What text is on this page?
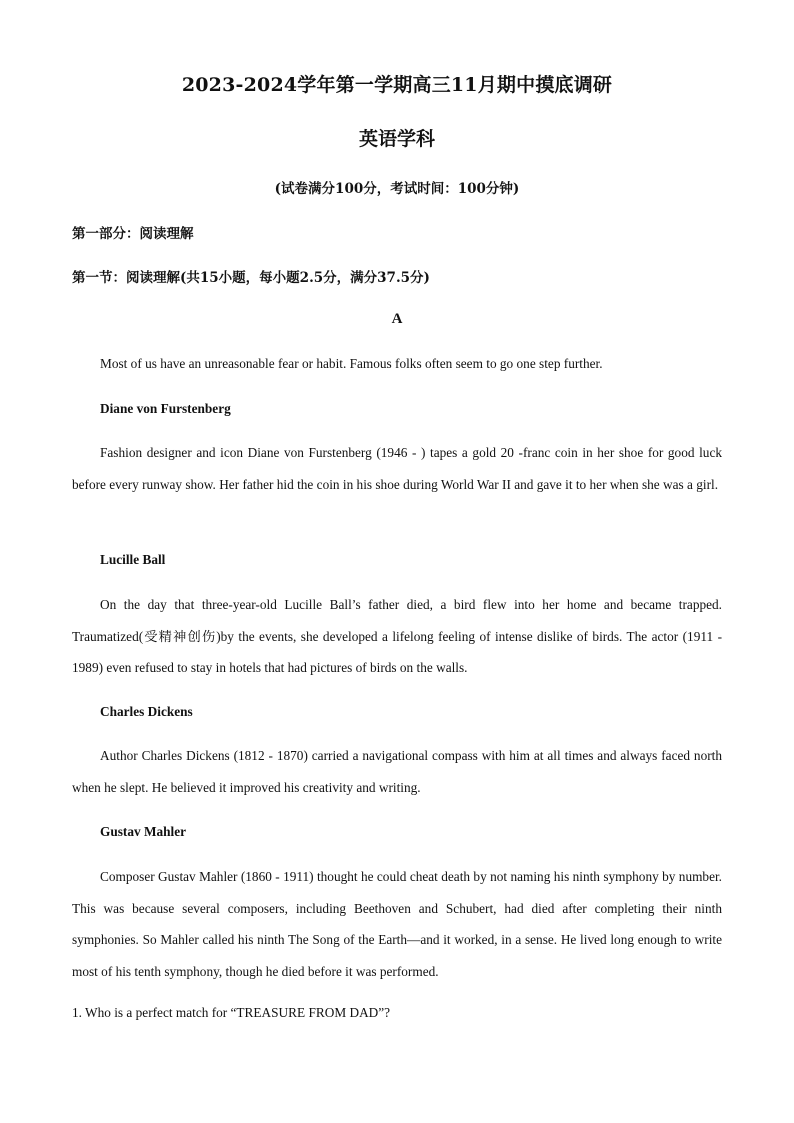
2023-2024学年第一学期高三11月期中摸底调研
英语学科
(试卷满分100分，考试时间：100分钟)
第一部分：阅读理解
第一节：阅读理解(共15小题，每小题2.5分，满分37.5分)
A

Most of us have an unreasonable fear or habit. Famous folks often seem to go one step further.

Diane von Furstenberg

Fashion designer and icon Diane von Furstenberg (1946 - ) tapes a gold 20 -franc coin in her shoe for good luck before every runway show. Her father hid the coin in his shoe during World War II and gave it to her when she was a girl.

Lucille Ball

On the day that three-year-old Lucille Ball’s father died, a bird flew into her home and became trapped. Traumatized(受精神创伤)by the events, she developed a lifelong feeling of intense dislike of birds. The actor (1911 - 1989) even refused to stay in hotels that had pictures of birds on the walls.

Charles Dickens

Author Charles Dickens (1812 - 1870) carried a navigational compass with him at all times and always faced north when he slept. He believed it improved his creativity and writing.

Gustav Mahler

Composer Gustav Mahler (1860 - 1911) thought he could cheat death by not naming his ninth symphony by number. This was because several composers, including Beethoven and Schubert, had died after completing their ninth symphonies. So Mahler called his ninth The Song of the Earth—and it worked, in a sense. He lived long enough to write most of his tenth symphony, though he died before it was performed.

1. Who is a perfect match for “TREASURE FROM DAD”?
